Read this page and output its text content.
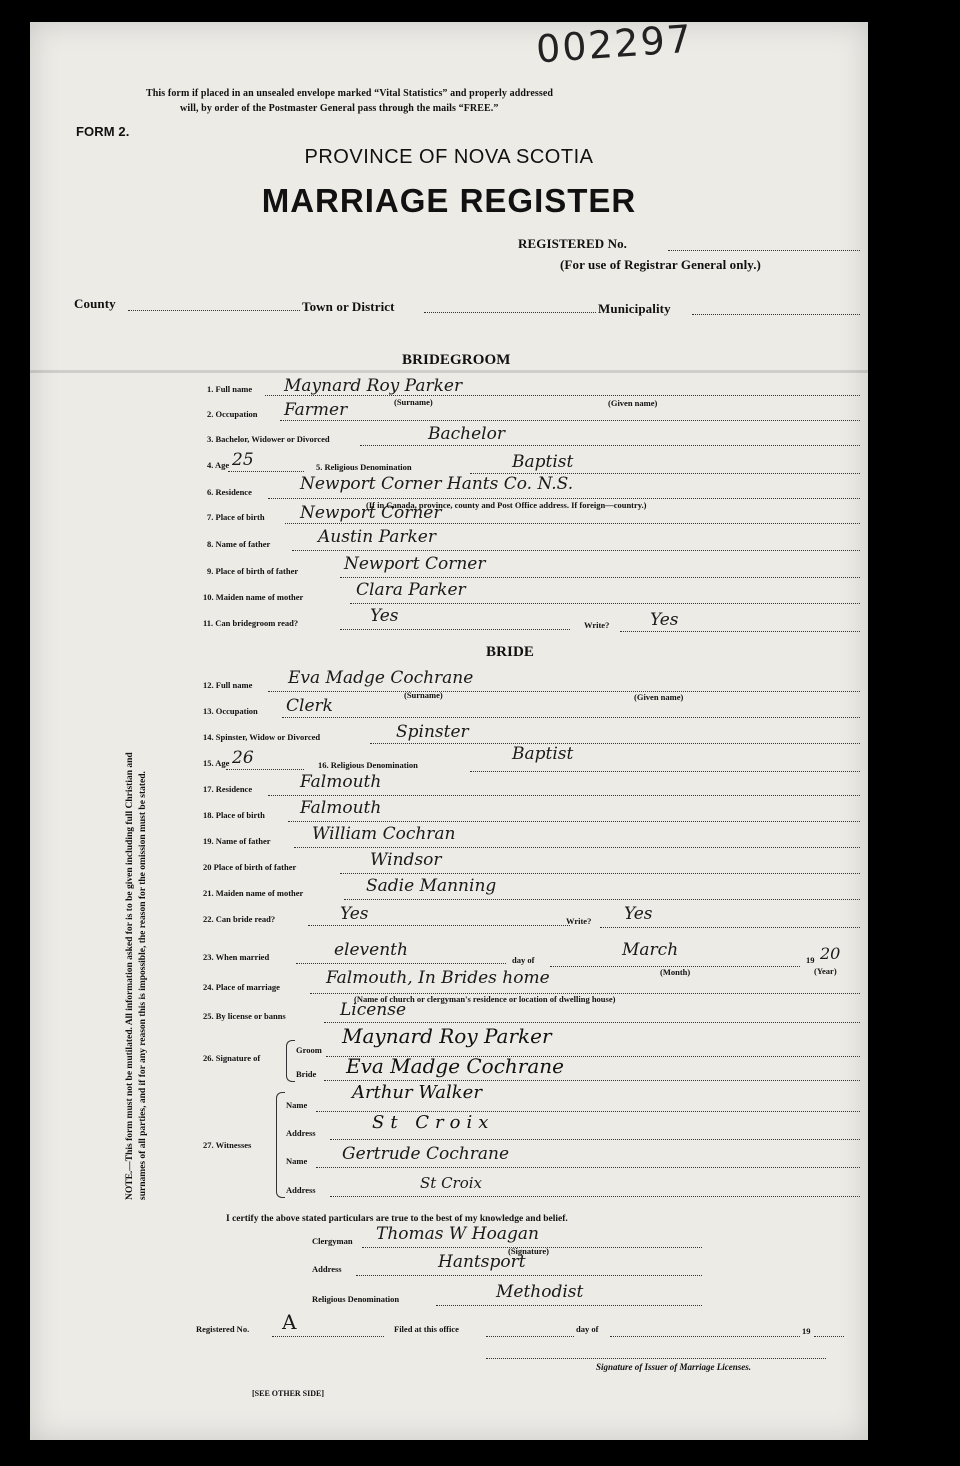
002297
This form if placed in an unsealed envelope marked “Vital Statistics” and properly addressed
will, by order of the Postmaster General pass through the mails “FREE.”
FORM 2.
PROVINCE OF NOVA SCOTIA
MARRIAGE REGISTER
REGISTERED No.
(For use of Registrar General only.)
County	Town or District	Municipality
BRIDEGROOM
1. Full name Maynard Roy Parker
(Surname)	(Given name)
2. Occupation Farmer
3. Bachelor, Widower or Divorced	Bachelor
4. Age 25	5. Religious Denomination	Baptist
6. Residence	Newport Corner Hants Co. N.S.
(If in Canada, province, county and Post Office address. If foreign—country.)
7. Place of birth Newport Corner
8. Name of father	Austin Parker
9. Place of birth of father	Newport Corner
10. Maiden name of mother	Clara Parker
11. Can bridegroom read?	Yes	Write? Yes
BRIDE
12. Full name Eva Madge Cochrane
(Surname)	(Given name)
13. Occupation Clerk
14. Spinster, Widow or Divorced	Spinster
15. Age 26	16. Religious Denomination
Baptist
17. Residence	Falmouth
18. Place of birth Falmouth
19. Name of father William Cochran
20 Place of birth of father	Windsor
21. Maiden name of mother	Sadie Manning
22. Can bride read?	Yes	Write? Yes
23. When married	eleventh	day of	March
(Month)
19 20
(Year)
24. Place of marriage	Falmouth, In Brides home
(Name of church or clergyman's residence or location of dwelling house)
25. By license or banns	License
26. Signature of
Groom
Maynard Roy Parker
Bride Eva Madge Cochrane
27. Witnesses
Name
Arthur Walker
Address	St Croix
Name Gertrude Cochrane
Address	St Croix
I certify the above stated particulars are true to the best of my knowledge and belief.
Clergyman Thomas W Hoagan
(Signature)
Address	Hantsport
Religious Denomination	Methodist
Registered No. A	Filed at this office	day of	19
Signature of Issuer of Marriage Licenses.
[SEE OTHER SIDE]
NOTE.—This form must not be mutilated. All information asked for is to be given including full Christian and surnames of all parties, and if for any reason this is impossible, the reason for the omission must be stated.
